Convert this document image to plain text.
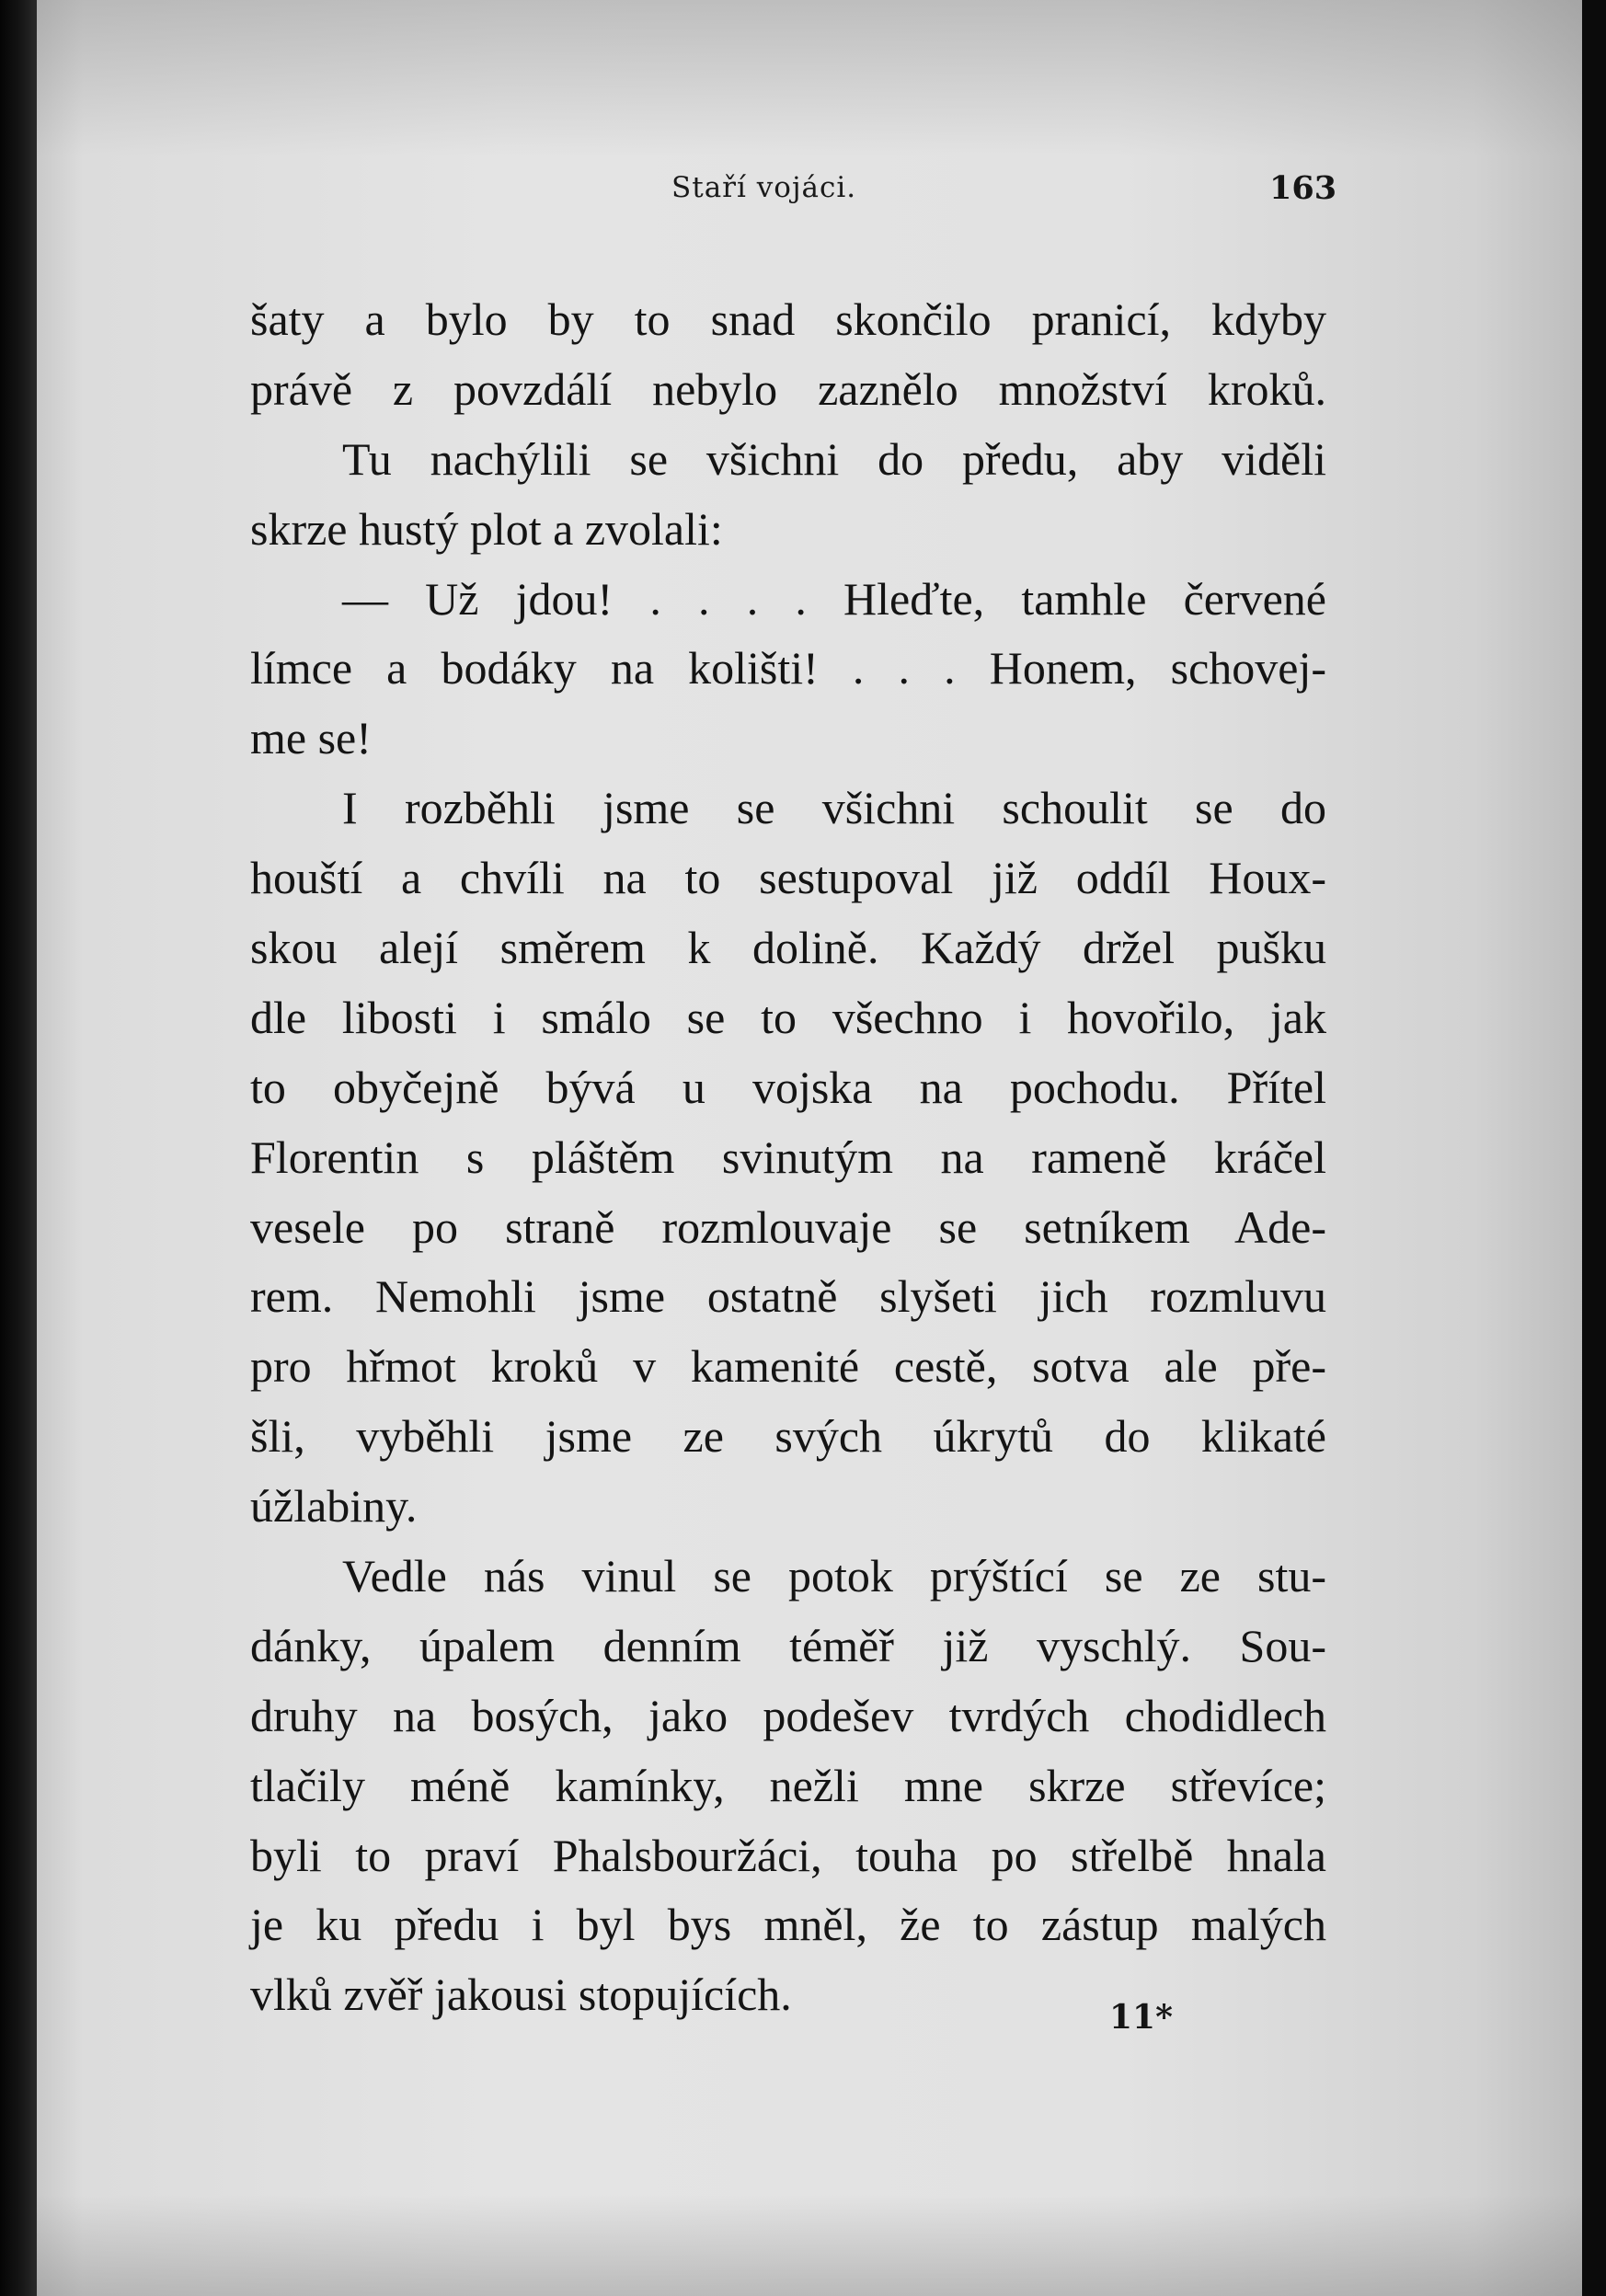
Staří vojáci.	163
šaty a bylo by to snad skončilo pranicí, kdyby
právě z povzdálí nebylo zaznělo množství kroků.
Tu nachýlili se všichni do předu, aby viděli
skrze hustý plot a zvolali:
— Už jdou! . . . . Hleďte, tamhle červené
límce a bodáky na kolišti! . . . Honem, schovej-
me se!
I rozběhli jsme se všichni schoulit se do
houští a chvíli na to sestupoval již oddíl Houx-
skou alejí směrem k dolině. Každý držel pušku
dle libosti i smálo se to všechno i hovořilo, jak
to obyčejně bývá u vojska na pochodu. Přítel
Florentin s pláštěm svinutým na rameně kráčel
vesele po straně rozmlouvaje se setníkem Ade-
rem. Nemohli jsme ostatně slyšeti jich rozmluvu
pro hřmot kroků v kamenité cestě, sotva ale pře-
šli, vyběhli jsme ze svých úkrytů do klikaté
úžlabiny.
Vedle nás vinul se potok prýštící se ze stu-
dánky, úpalem denním téměř již vyschlý. Sou-
druhy na bosých, jako podešev tvrdých chodidlech
tlačily méně kamínky, nežli mne skrze střevíce;
byli to praví Phalsbouržáci, touha po střelbě hnala
je ku předu i byl bys mněl, že to zástup malých
vlků zvěř jakousi stopujících.	11*
